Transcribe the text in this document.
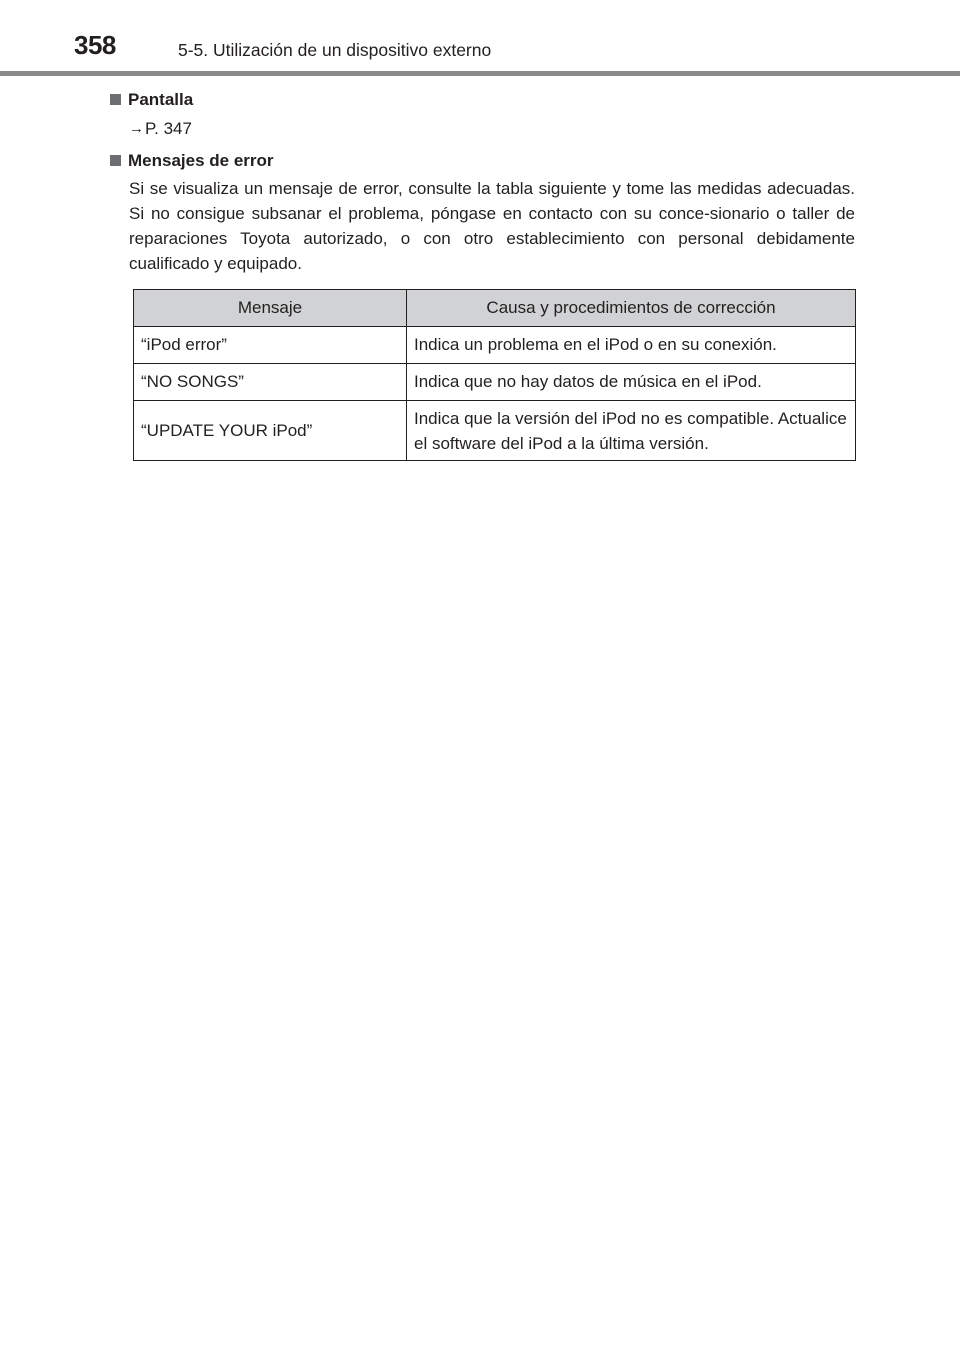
358	5-5. Utilización de un dispositivo externo
Pantalla
→ P. 347
Mensajes de error

Si se visualiza un mensaje de error, consulte la tabla siguiente y tome las medidas adecuadas. Si no consigue subsanar el problema, póngase en contacto con su conce-sionario o taller de reparaciones Toyota autorizado, o con otro establecimiento con personal debidamente cualificado y equipado.

Mensaje	Causa y procedimientos de corrección
“iPod error”	Indica un problema en el iPod o en su conexión.
“NO SONGS”	Indica que no hay datos de música en el iPod.
“UPDATE YOUR iPod”	Indica que la versión del iPod no es compatible. Actualice el software del iPod a la última versión.
